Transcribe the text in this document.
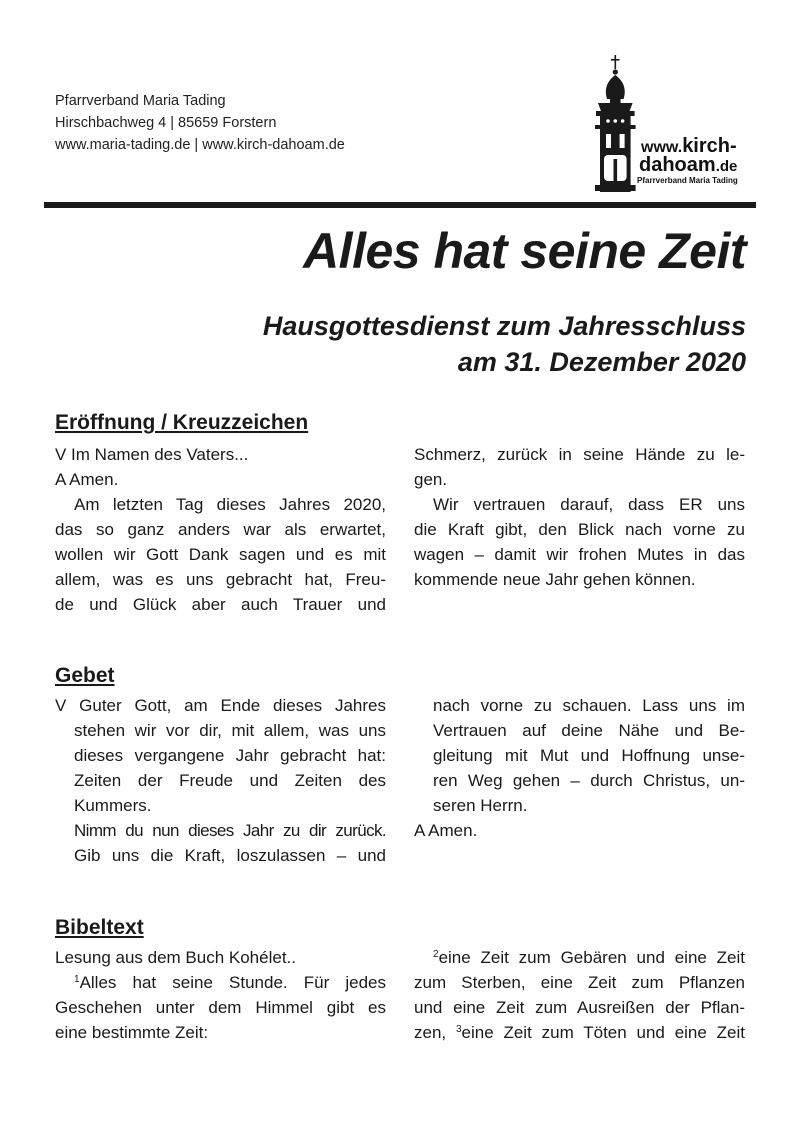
Pfarrverband Maria Tading
Hirschbachweg 4 | 85659 Forstern
www.maria-tading.de | www.kirch-dahoam.de	www.kirch-
dahoam.de
Pfarrverband Maria Tading
Alles hat seine Zeit
Hausgottesdienst zum Jahresschluss
am 31. Dezember 2020
Eröffnung / Kreuzzeichen
V Im Namen des Vaters...
A Amen.
Am letzten Tag dieses Jahres 2020,
das so ganz anders war als erwartet,
wollen wir Gott Dank sagen und es mit
allem, was es uns gebracht hat, Freu-
de und Glück aber auch Trauer und
Schmerz, zurück in seine Hände zu le-
gen.
Wir vertrauen darauf, dass ER uns
die Kraft gibt, den Blick nach vorne zu
wagen – damit wir frohen Mutes in das
kommende neue Jahr gehen können.
Gebet
V Guter Gott, am Ende dieses Jahres
stehen wir vor dir, mit allem, was uns
dieses vergangene Jahr gebracht hat:
Zeiten der Freude und Zeiten des
Kummers.
Nimm du nun dieses Jahr zu dir zurück.
Gib uns die Kraft, loszulassen – und
nach vorne zu schauen. Lass uns im
Vertrauen auf deine Nähe und Be-
gleitung mit Mut und Hoffnung unse-
ren Weg gehen – durch Christus, un-
seren Herrn.
A Amen.
Bibeltext
Lesung aus dem Buch Kohélet..
$^1$Alles hat seine Stunde. Für jedes
Geschehen unter dem Himmel gibt es
eine bestimmte Zeit:
$^2$eine Zeit zum Gebären und eine Zeit
zum Sterben, eine Zeit zum Pflanzen
und eine Zeit zum Ausreißen der Pflan-
zen, $^3$eine Zeit zum Töten und eine Zeit
